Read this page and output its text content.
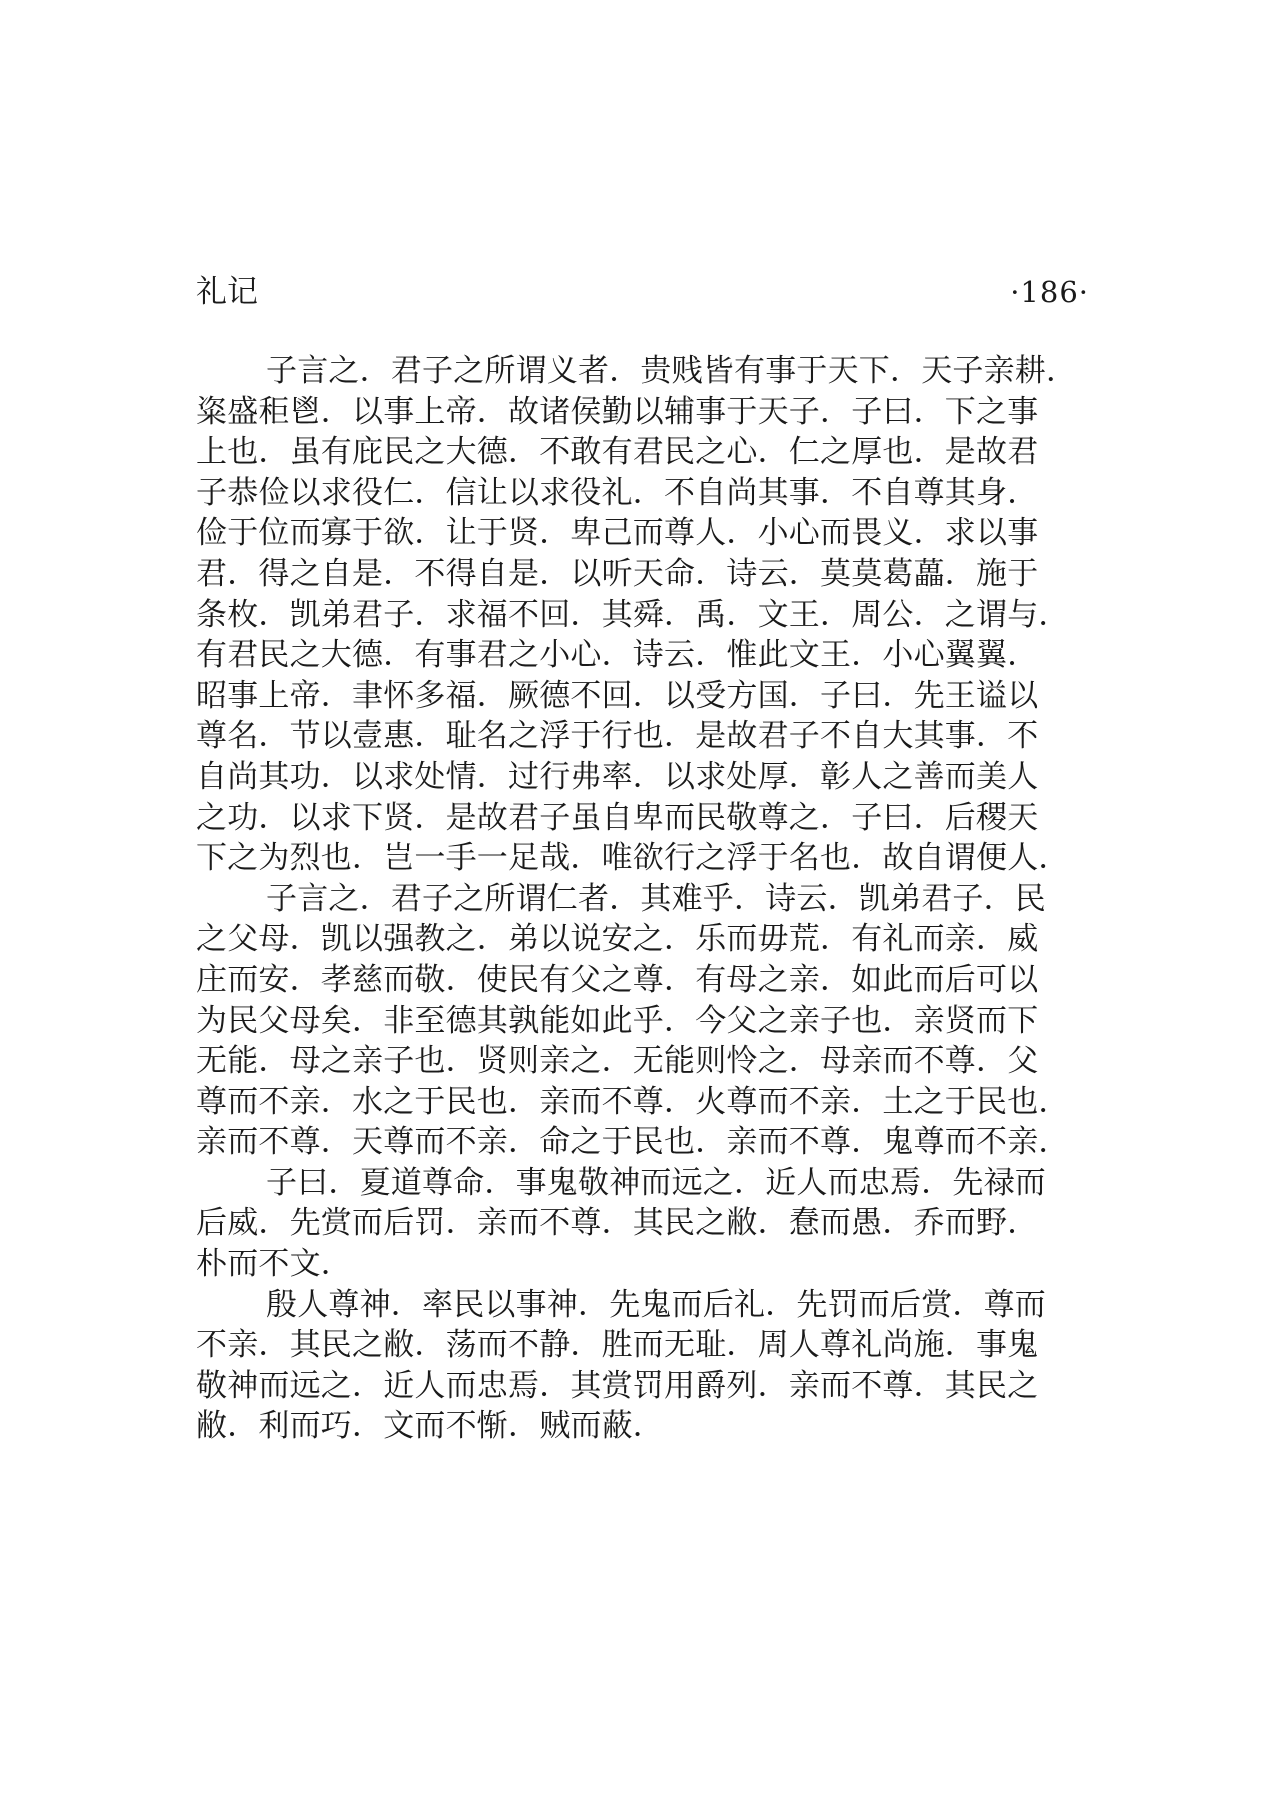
礼记	·186·
子言之．君子之所谓义者．贵贱皆有事于天下．天子亲耕．
粢盛秬鬯．以事上帝．故诸侯勤以辅事于天子．子曰．下之事
上也．虽有庇民之大德．不敢有君民之心．仁之厚也．是故君
子恭俭以求役仁．信让以求役礼．不自尚其事．不自尊其身．
俭于位而寡于欲．让于贤．卑己而尊人．小心而畏义．求以事
君．得之自是．不得自是．以听天命．诗云．莫莫葛藟．施于
条枚．凯弟君子．求福不回．其舜．禹．文王．周公．之谓与．
有君民之大德．有事君之小心．诗云．惟此文王．小心翼翼．
昭事上帝．聿怀多福．厥德不回．以受方国．子曰．先王谥以
尊名．节以壹惠．耻名之浮于行也．是故君子不自大其事．不
自尚其功．以求处情．过行弗率．以求处厚．彰人之善而美人
之功．以求下贤．是故君子虽自卑而民敬尊之．子曰．后稷天
下之为烈也．岂一手一足哉．唯欲行之浮于名也．故自谓便人．
子言之．君子之所谓仁者．其难乎．诗云．凯弟君子．民
之父母．凯以强教之．弟以说安之．乐而毋荒．有礼而亲．威
庄而安．孝慈而敬．使民有父之尊．有母之亲．如此而后可以
为民父母矣．非至德其孰能如此乎．今父之亲子也．亲贤而下
无能．母之亲子也．贤则亲之．无能则怜之．母亲而不尊．父
尊而不亲．水之于民也．亲而不尊．火尊而不亲．土之于民也．
亲而不尊．天尊而不亲．命之于民也．亲而不尊．鬼尊而不亲．
子曰．夏道尊命．事鬼敬神而远之．近人而忠焉．先禄而
后威．先赏而后罚．亲而不尊．其民之敝．惷而愚．乔而野．
朴而不文．
殷人尊神．率民以事神．先鬼而后礼．先罚而后赏．尊而
不亲．其民之敝．荡而不静．胜而无耻．周人尊礼尚施．事鬼
敬神而远之．近人而忠焉．其赏罚用爵列．亲而不尊．其民之
敝．利而巧．文而不惭．贼而蔽．
